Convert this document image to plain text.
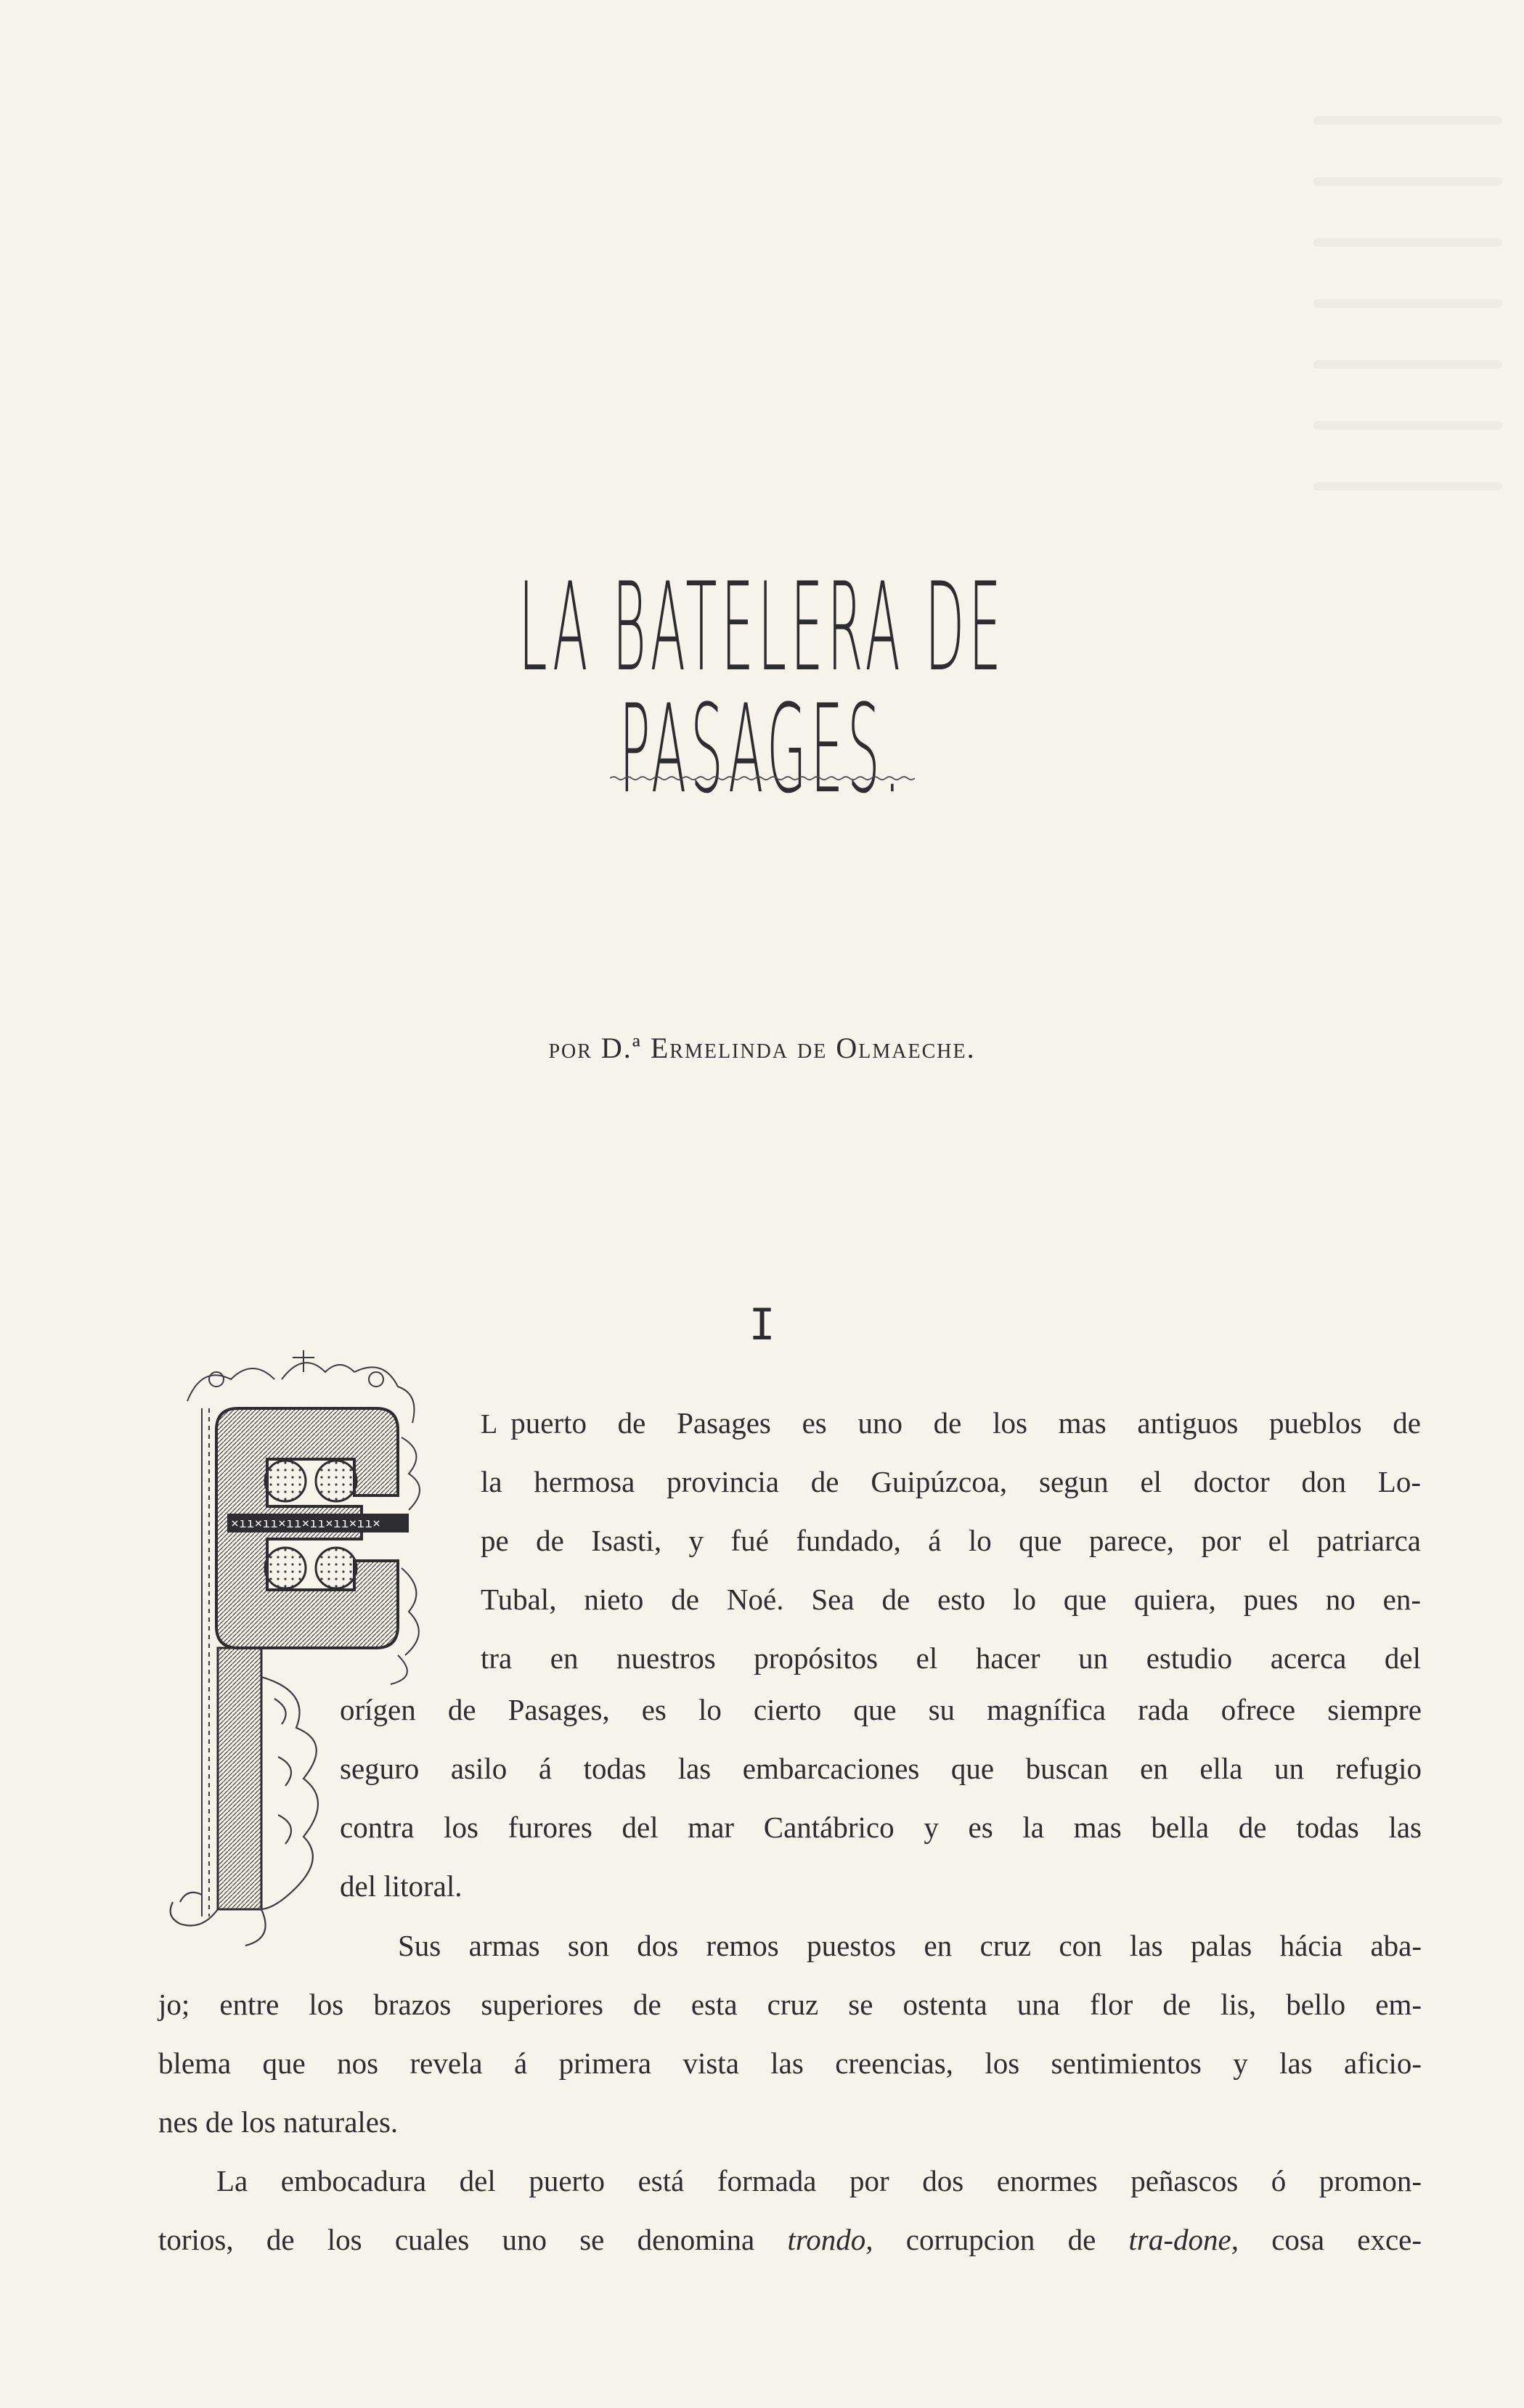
LA BATELERA DE PASAGES.
por D.ª Ermelinda de Olmaeche.
I
×ıı×ıı×ıı×ıı×ıı×ıı×
L puerto de Pasages es uno de los mas antiguos pueblos de
la hermosa provincia de Guipúzcoa, segun el doctor don Lo-
pe de Isasti, y fué fundado, á lo que parece, por el patriarca
Tubal, nieto de Noé. Sea de esto lo que quiera, pues no en-
tra en nuestros propósitos el hacer un estudio acerca del
orígen de Pasages, es lo cierto que su magnífica rada ofrece siempre
seguro asilo á todas las embarcaciones que buscan en ella un refugio
contra los furores del mar Cantábrico y es la mas bella de todas las
del litoral.
Sus armas son dos remos puestos en cruz con las palas hácia aba-
jo; entre los brazos superiores de esta cruz se ostenta una flor de lis, bello em-
blema que nos revela á primera vista las creencias, los sentimientos y las aficio-
nes de los naturales.
La embocadura del puerto está formada por dos enormes peñascos ó promon-
torios, de los cuales uno se denomina trondo, corrupcion de tra-done, cosa exce-
